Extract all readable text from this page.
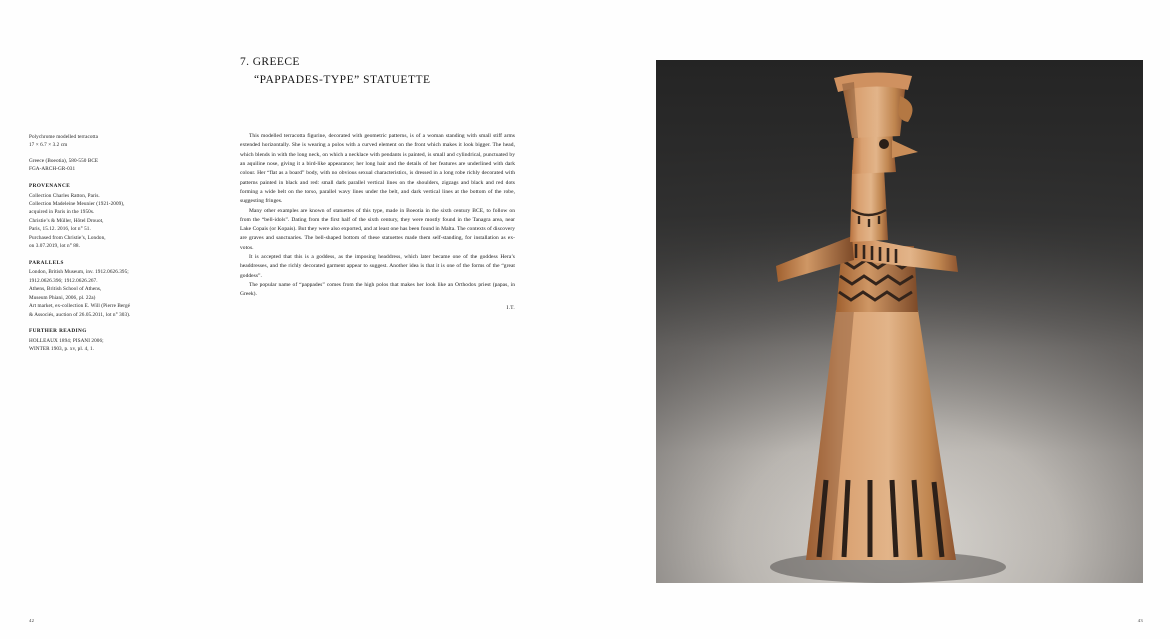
Polychrome modelled terracotta
17 × 6.7 × 3.2 cm
Greece (Boeotia), 580-550 BCE
FGA-ARCH-GR-031
PROVENANCE
Collection Charles Ratton, Paris.
Collection Madeleine Meunier (1921-2009),
acquired in Paris in the 1950s.
Christie’s & Müller, Hôtel Drouot,
Paris, 15.12. 2016, lot n° 51.
Purchased from Christie’s, London,
on 3.07.2019, lot n° 88.
PARALLELS
London, British Museum, inv. 1912.0626.395;
1912.0626.396; 1912.0626.267.
Athens, British School of Athens,
Museum Phiani, 2006, pl. 22a)
Art market, ex-collection E. Will (Pierre Bergé
& Associés, auction of 26.05.2011, lot n° 303).
FURTHER READING
HOLLEAUX 1894; PISANI 2006;
WINTER 1903, p. xv, pl. 4, 1.
7. GREECE
“PAPPADES-TYPE” STATUETTE

This modelled terracotta figurine, decorated with geometric patterns, is of a woman standing with small stiff arms extended horizontally. She is wearing a polos with a curved element on the front which makes it look bigger. The head, which blends in with the long neck, on which a necklace with pendants is painted, is small and cylindrical, punctuated by an aquiline nose, giving it a bird-like appearance; her long hair and the details of her features are underlined with dark colour. Her “flat as a board” body, with no obvious sexual characteristics, is dressed in a long robe richly decorated with patterns painted in black and red: small dark parallel vertical lines on the shoulders, zigzags and black and red dots forming a wide belt on the torso, parallel wavy lines under the belt, and dark vertical lines at the bottom of the robe, suggesting fringes.

Many other examples are known of statuettes of this type, made in Boeotia in the sixth century BCE, to follow on from the “bell-idols”. Dating from the first half of the sixth century, they were mostly found in the Tanagra area, near Lake Copais (or Kopais). But they were also exported, and at least one has been found in Malta. The contexts of discovery are graves and sanctuaries. The bell-shaped bottom of these statuettes made them self-standing, for installation as ex-votos.

It is accepted that this is a goddess, as the imposing headdress, which later became one of the goddess Hera’s headdresses, and the richly decorated garment appear to suggest. Another idea is that it is one of the forms of the “great goddess”.

The popular name of “pappades” comes from the high polos that makes her look like an Orthodox priest (papas, in Greek).

I.T.
42	43
